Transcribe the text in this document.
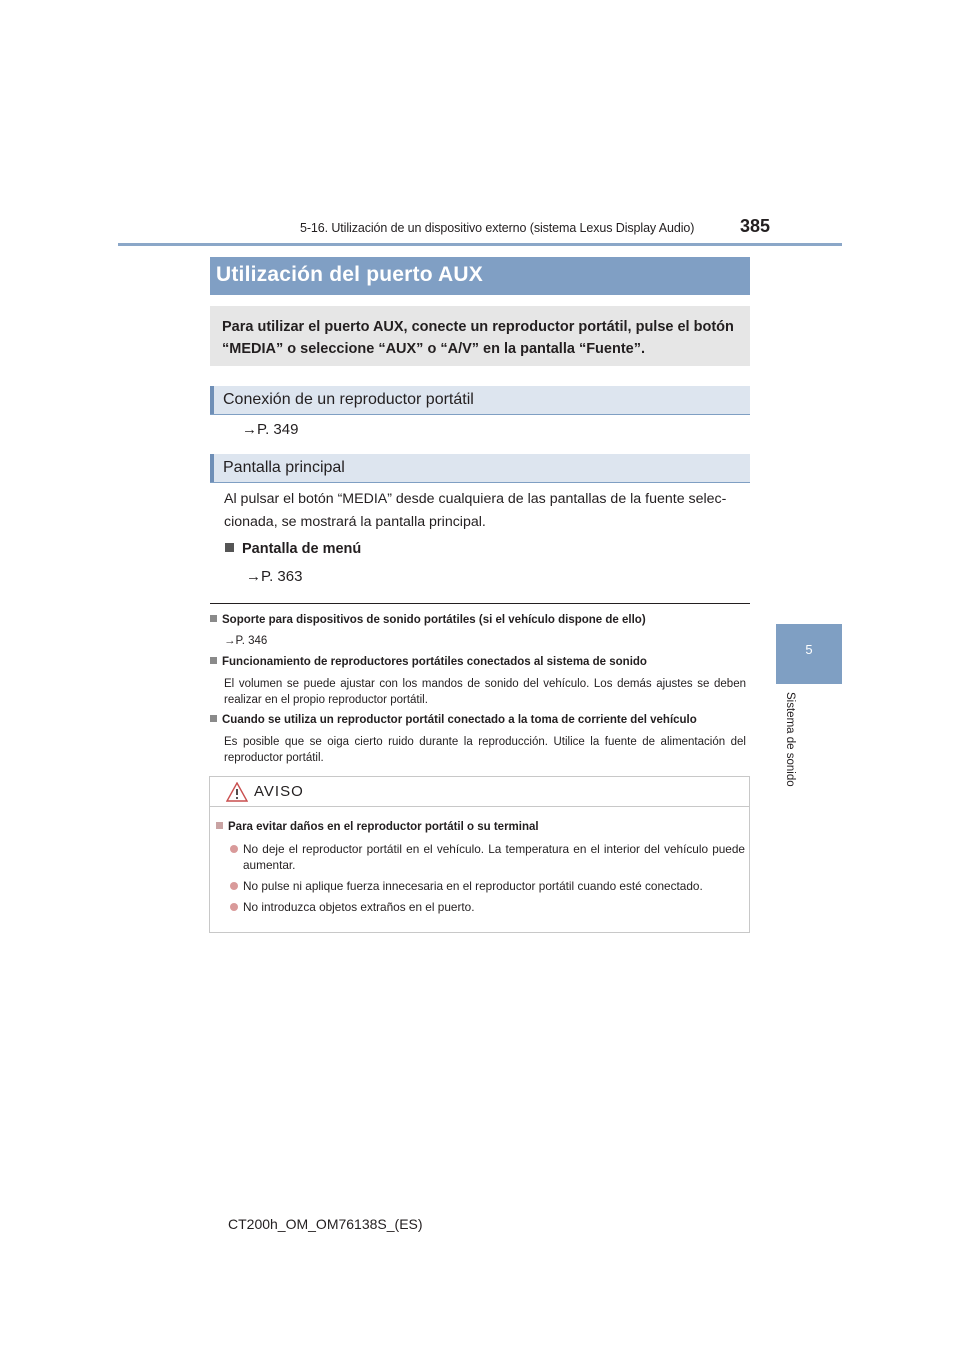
5-16. Utilización de un dispositivo externo (sistema Lexus Display Audio)	385
5
Sistema de sonido
Utilización del puerto AUX
Para utilizar el puerto AUX, conecte un reproductor portátil, pulse el botón “MEDIA” o seleccione “AUX” o “A/V” en la pantalla “Fuente”.
Conexión de un reproductor portátil
→P. 349
Pantalla principal
Al pulsar el botón “MEDIA” desde cualquiera de las pantallas de la fuente selec-cionada, se mostrará la pantalla principal.
Pantalla de menú
→P. 363
Soporte para dispositivos de sonido portátiles (si el vehículo dispone de ello)
→P. 346
Funcionamiento de reproductores portátiles conectados al sistema de sonido
El volumen se puede ajustar con los mandos de sonido del vehículo. Los demás ajustes se deben realizar en el propio reproductor portátil.
Cuando se utiliza un reproductor portátil conectado a la toma de corriente del vehículo
Es posible que se oiga cierto ruido durante la reproducción. Utilice la fuente de alimentación del reproductor portátil.
AVISO
Para evitar daños en el reproductor portátil o su terminal
No deje el reproductor portátil en el vehículo. La temperatura en el interior del vehículo puede aumentar.
No pulse ni aplique fuerza innecesaria en el reproductor portátil cuando esté conectado.
No introduzca objetos extraños en el puerto.
CT200h_OM_OM76138S_(ES)
